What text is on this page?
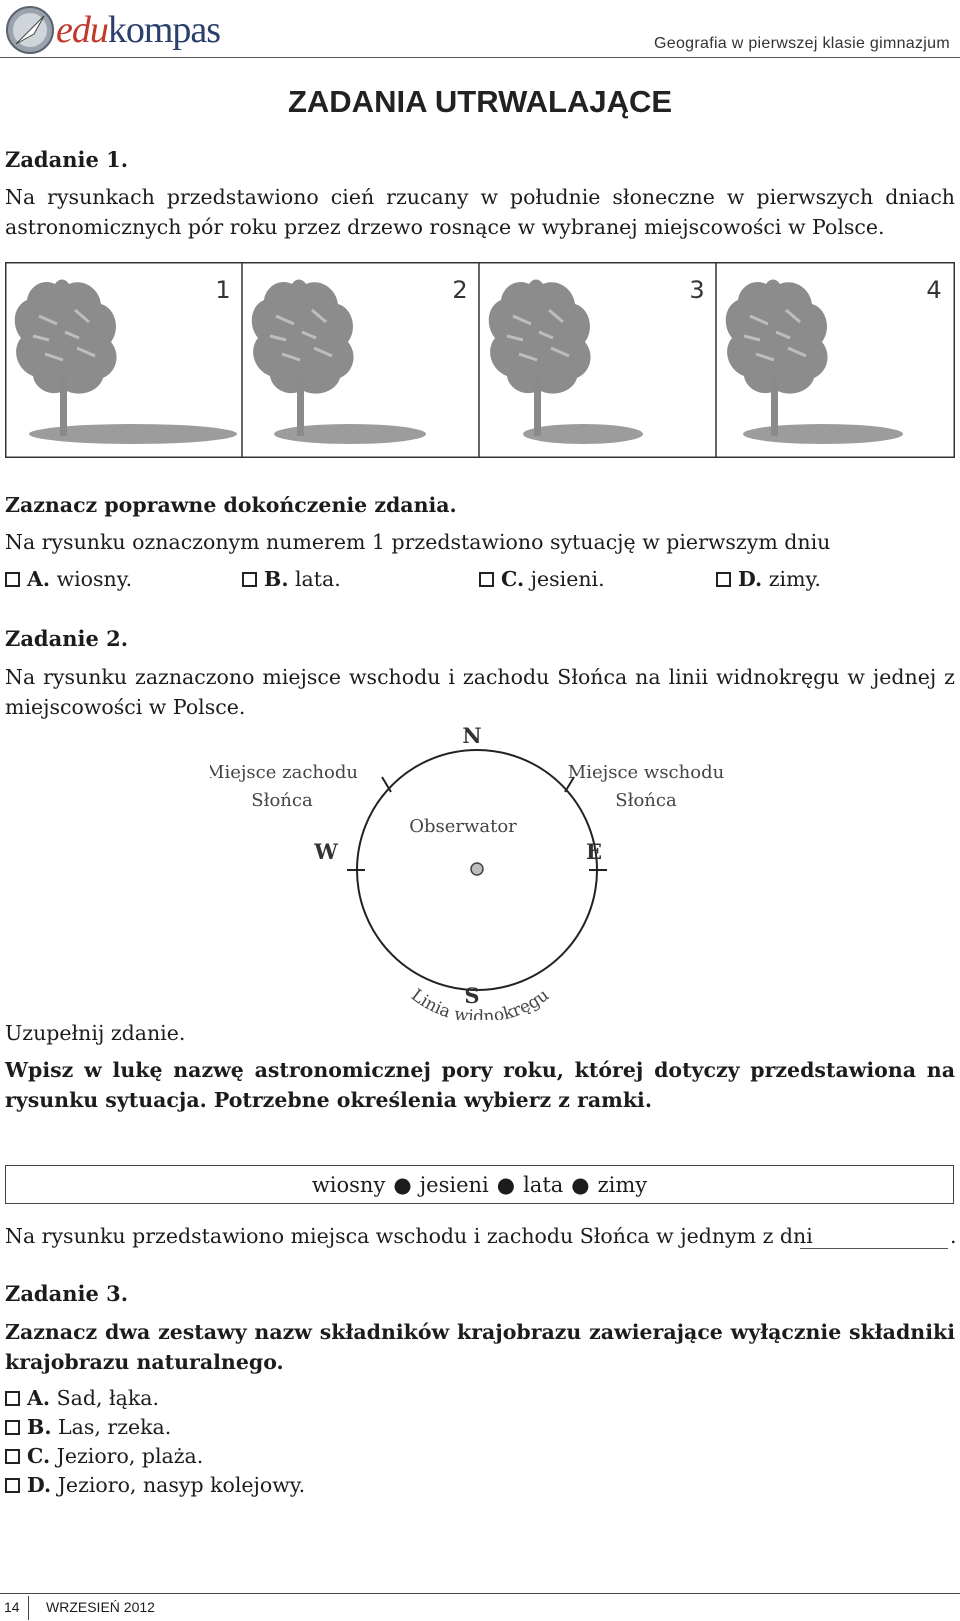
edukompas	Geografia w pierwszej klasie gimnazjum
ZADANIA UTRWALAJĄCE
Zadanie 1.
Na rysunkach przedstawiono cień rzucany w południe słoneczne w pierwszych dniach astronomicznych pór roku przez drzewo rosnące w wybranej miejscowości w Polsce.
1	2	3	4
Zaznacz poprawne dokończenie zdania.
Na rysunku oznaczonym numerem 1 przedstawiono sytuację w pierwszym dniu
A.
wiosny.	B.
lata.	C.
jesieni.	D.
zimy.
Zadanie 2.
Na rysunku zaznaczono miejsce wschodu i zachodu Słońca na linii widnokręgu w jednej z miejscowości w Polsce.
N
S
W	E
Miejsce zachodu
Słońca
Miejsce wschodu
Słońca
Obserwator
Linia widnokręgu
Uzupełnij zdanie.
Wpisz w lukę nazwę astronomicznej pory roku, której dotyczy przedstawiona na rysunku sytuacja. Potrzebne określenia wybierz z ramki.
wiosny ● jesieni ● lata ● zimy
Na rysunku przedstawiono miejsca wschodu i zachodu Słońca w jednym z dni	.
Zadanie 3.
Zaznacz dwa zestawy nazw składników krajobrazu zawierające wyłącznie składniki krajobrazu naturalnego.
A.
Sad, łąka.
B.
Las, rzeka.
C.
Jezioro, plaża.
D.
Jezioro, nasyp kolejowy.
14 WRZESIEŃ 2012
